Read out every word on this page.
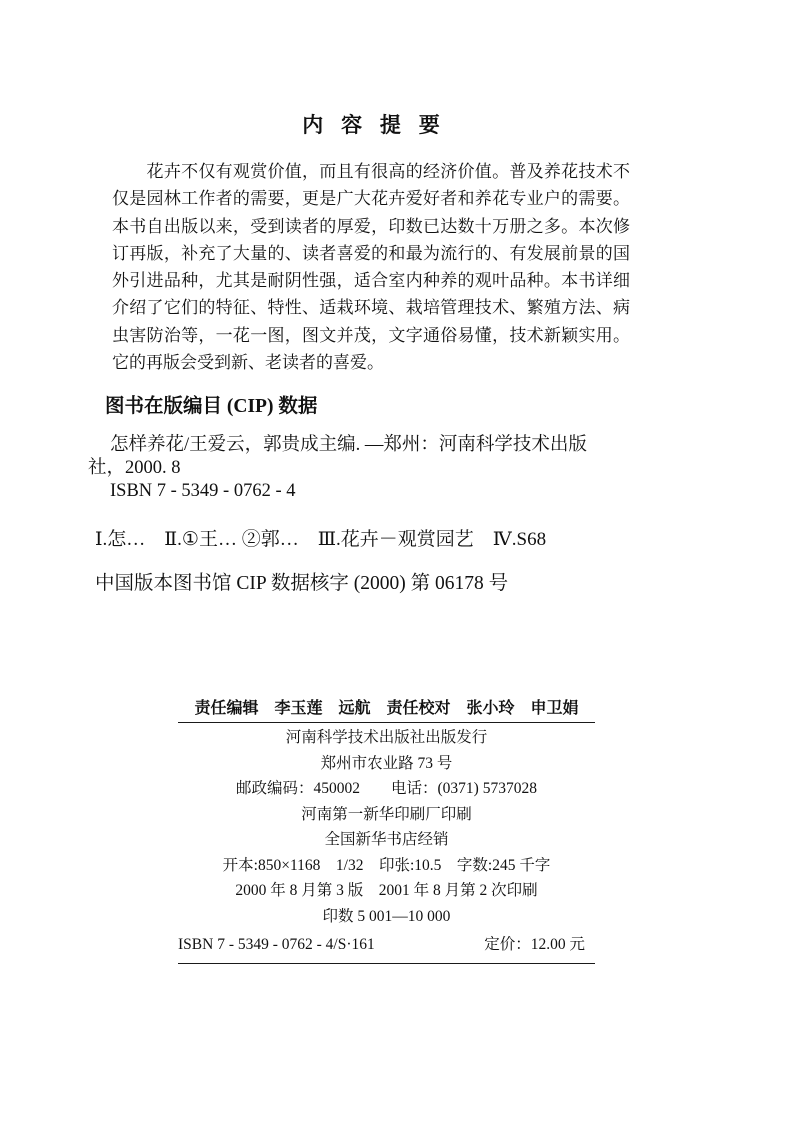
内 容 提 要
　　花卉不仅有观赏价值，而且有很高的经济价值。普及养花技术不
仅是园林工作者的需要，更是广大花卉爱好者和养花专业户的需要。
本书自出版以来，受到读者的厚爱，印数已达数十万册之多。本次修
订再版，补充了大量的、读者喜爱的和最为流行的、有发展前景的国
外引进品种，尤其是耐阴性强，适合室内种养的观叶品种。本书详细
介绍了它们的特征、特性、适栽环境、栽培管理技术、繁殖方法、病
虫害防治等，一花一图，图文并茂，文字通俗易懂，技术新颖实用。
它的再版会受到新、老读者的喜爱。
图书在版编目 (CIP) 数据
怎样养花/王爱云，郭贵成主编. —郑州：河南科学技术出版
社，2000. 8
ISBN 7 - 5349 - 0762 - 4
Ⅰ.怎…　Ⅱ.①王… ②郭…　Ⅲ.花卉－观赏园艺　Ⅳ.S68
中国版本图书馆 CIP 数据核字 (2000) 第 06178 号
责任编辑　李玉莲　远航　责任校对　张小玲　申卫娟
河南科学技术出版社出版发行
郑州市农业路 73 号
邮政编码：450002　　电话：(0371) 5737028
河南第一新华印刷厂印刷
全国新华书店经销
开本:850×1168　1/32　印张:10.5　字数:245 千字
2000 年 8 月第 3 版　2001 年 8 月第 2 次印刷
印数 5 001—10 000
ISBN 7 - 5349 - 0762 - 4/S·161	定价：12.00 元
